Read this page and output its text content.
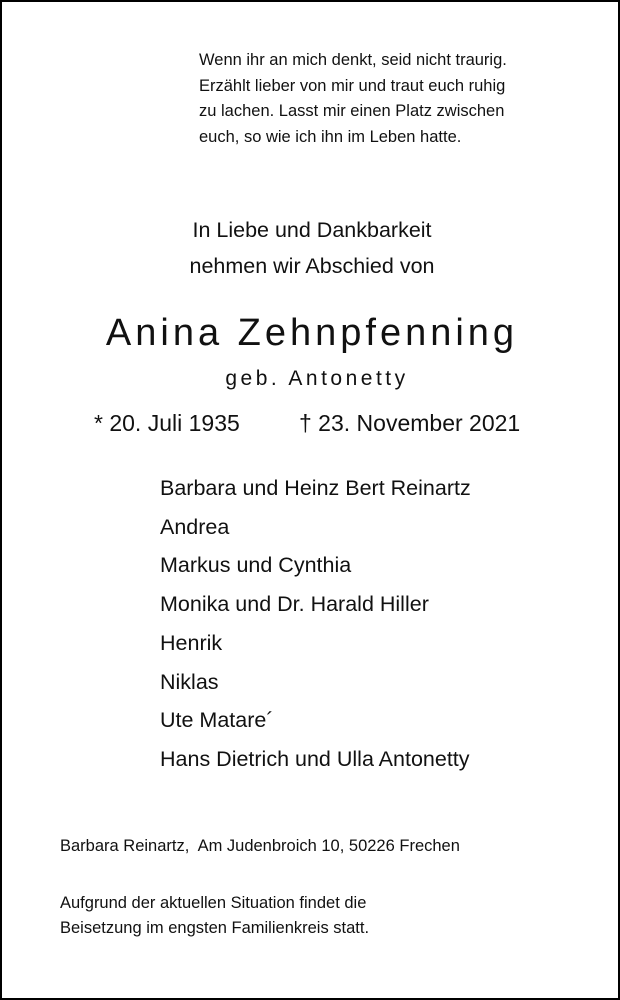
Wenn ihr an mich denkt, seid nicht traurig.
Erzählt lieber von mir und traut euch ruhig
zu lachen. Lasst mir einen Platz zwischen
euch, so wie ich ihn im Leben hatte.
In Liebe und Dankbarkeit
nehmen wir Abschied von
Anina Zehnpfenning
geb. Antonetty
* 20. Juli 1935	† 23. November 2021
Barbara und Heinz Bert Reinartz
Andrea
Markus und Cynthia
Monika und Dr. Harald Hiller
Henrik
Niklas
Ute Matare´
Hans Dietrich und Ulla Antonetty
Barbara Reinartz,  Am Judenbroich 10, 50226 Frechen
Aufgrund der aktuellen Situation findet die
Beisetzung im engsten Familienkreis statt.
